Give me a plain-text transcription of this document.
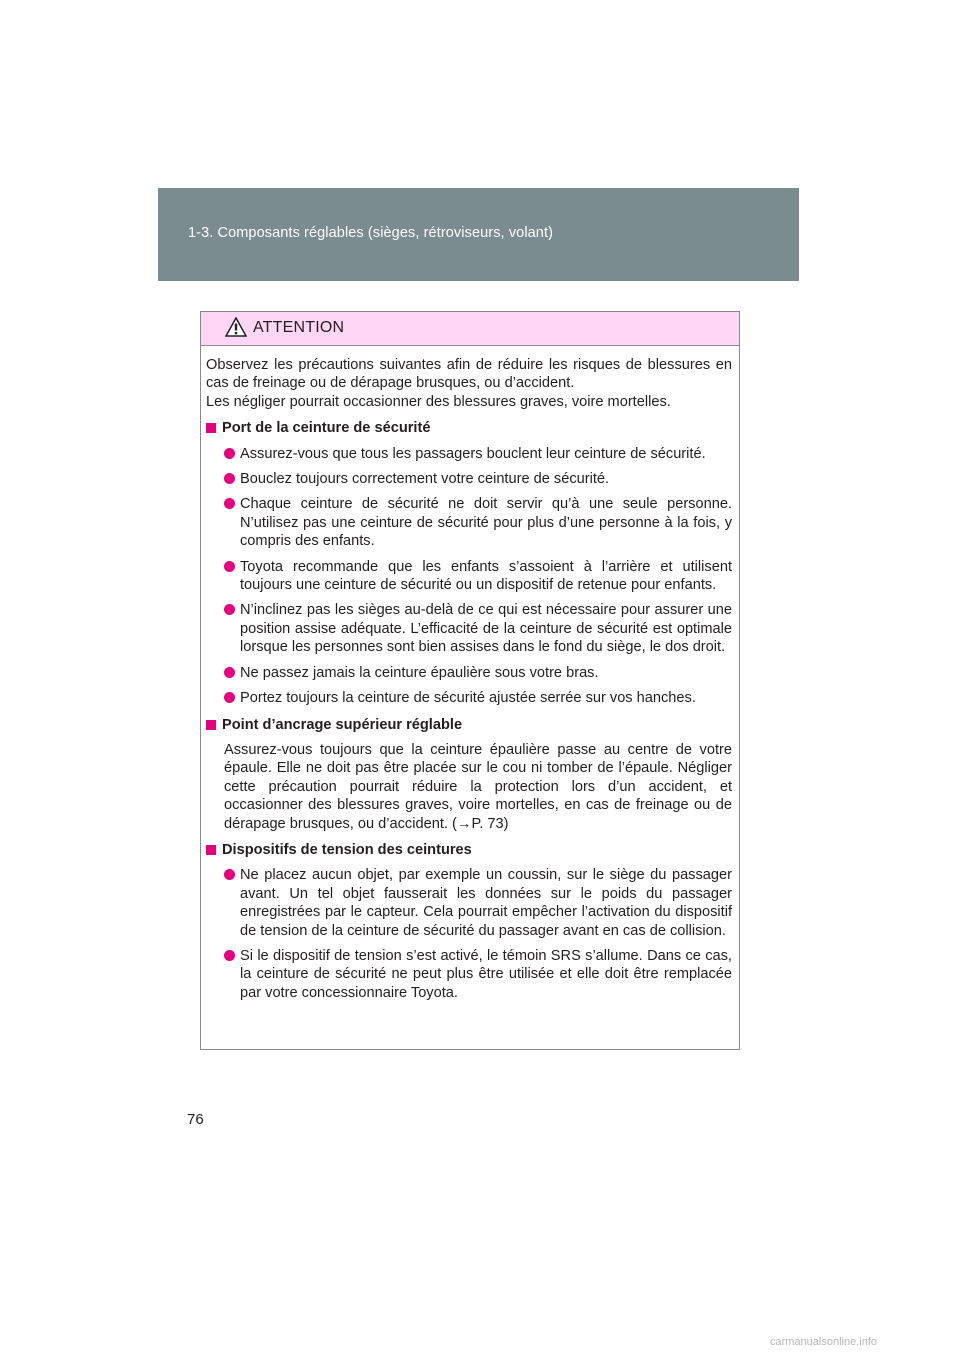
1-3. Composants réglables (sièges, rétroviseurs, volant)
ATTENTION
Observez les précautions suivantes afin de réduire les risques de blessures en cas de freinage ou de dérapage brusques, ou d’accident.
Les négliger pourrait occasionner des blessures graves, voire mortelles.
Port de la ceinture de sécurité
Assurez-vous que tous les passagers bouclent leur ceinture de sécurité.
Bouclez toujours correctement votre ceinture de sécurité.
Chaque ceinture de sécurité ne doit servir qu’à une seule personne. N’utilisez pas une ceinture de sécurité pour plus d’une personne à la fois, y compris des enfants.
Toyota recommande que les enfants s’assoient à l’arrière et utilisent toujours une ceinture de sécurité ou un dispositif de retenue pour enfants.
N’inclinez pas les sièges au-delà de ce qui est nécessaire pour assurer une position assise adéquate. L’efficacité de la ceinture de sécurité est optimale lorsque les personnes sont bien assises dans le fond du siège, le dos droit.
Ne passez jamais la ceinture épaulière sous votre bras.
Portez toujours la ceinture de sécurité ajustée serrée sur vos hanches.
Point d’ancrage supérieur réglable
Assurez-vous toujours que la ceinture épaulière passe au centre de votre épaule. Elle ne doit pas être placée sur le cou ni tomber de l’épaule. Négliger cette précaution pourrait réduire la protection lors d’un accident, et occasionner des blessures graves, voire mortelles, en cas de freinage ou de dérapage brusques, ou d’accident. (→P. 73)
Dispositifs de tension des ceintures
Ne placez aucun objet, par exemple un coussin, sur le siège du passager avant. Un tel objet fausserait les données sur le poids du passager enregistrées par le capteur. Cela pourrait empêcher l’activation du dispositif de tension de la ceinture de sécurité du passager avant en cas de collision.
Si le dispositif de tension s’est activé, le témoin SRS s’allume. Dans ce cas, la ceinture de sécurité ne peut plus être utilisée et elle doit être remplacée par votre concessionnaire Toyota.
76
carmanualsonline.info
